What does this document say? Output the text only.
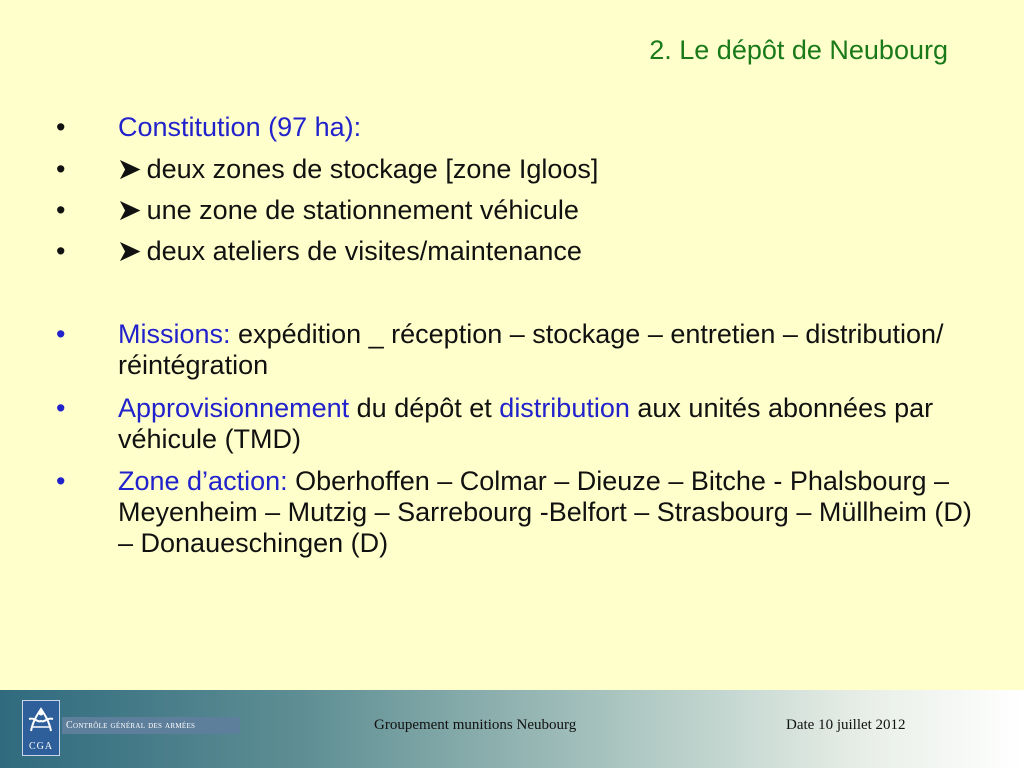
2. Le dépôt de Neubourg
•	Constitution (97 ha):
•	➤ deux zones de stockage [zone Igloos]
•	➤ une zone de stationnement véhicule
•	➤ deux ateliers de visites/maintenance
•	Missions: expédition _ réception – stockage – entretien – distribution/ réintégration
•	Approvisionnement du dépôt et distribution aux unités abonnées par véhicule (TMD)
•	Zone d’action: Oberhoffen – Colmar – Dieuze – Bitche - Phalsbourg – Meyenheim – Mutzig – Sarrebourg -Belfort – Strasbourg – Müllheim (D) – Donaueschingen (D)
CGA
Contrôle général des armées	Groupement munitions Neubourg	Date 10 juillet 2012
